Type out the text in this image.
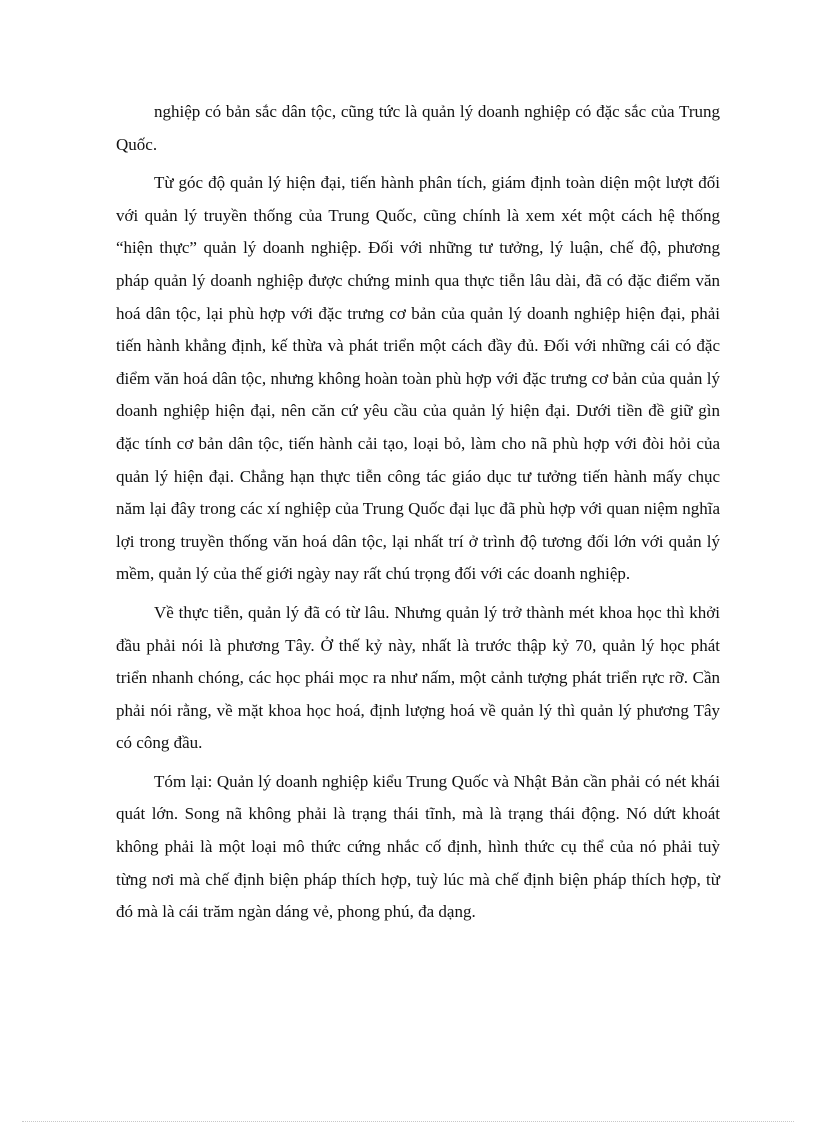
nghiệp có bản sắc dân tộc, cũng tức là quản lý doanh nghiệp có đặc sắc của Trung Quốc.

Từ góc độ quản lý hiện đại, tiến hành phân tích, giám định toàn diện một lượt đối với quản lý truyền thống của Trung Quốc, cũng chính là xem xét một cách hệ thống “hiện thực” quản lý doanh nghiệp. Đối với những tư tưởng, lý luận, chế độ, phương pháp quản lý doanh nghiệp được chứng minh qua thực tiễn lâu dài, đã có đặc điểm văn hoá dân tộc, lại phù hợp với đặc trưng cơ bản của quản lý doanh nghiệp hiện đại, phải tiến hành khẳng định, kế thừa và phát triển một cách đầy đủ. Đối với những cái có đặc điểm văn hoá dân tộc, nhưng không hoàn toàn phù hợp với đặc trưng cơ bản của quản lý doanh nghiệp hiện đại, nên căn cứ yêu cầu của quản lý hiện đại. Dưới tiền đề giữ gìn đặc tính cơ bản dân tộc, tiến hành cải tạo, loại bỏ, làm cho nã phù hợp với đòi hỏi của quản lý hiện đại. Chẳng hạn thực tiễn công tác giáo dục tư tưởng tiến hành mấy chục năm lại đây trong các xí nghiệp của Trung Quốc đại lục đã phù hợp với quan niệm nghĩa lợi trong truyền thống văn hoá dân tộc, lại nhất trí ở trình độ tương đối lớn với quản lý mềm, quản lý của thế giới ngày nay rất chú trọng đối với các doanh nghiệp.

Về thực tiễn, quản lý đã có từ lâu. Nhưng quản lý trở thành mét khoa học thì khởi đầu phải nói là phương Tây. Ở thế kỷ này, nhất là trước thập kỷ 70, quản lý học phát triển nhanh chóng, các học phái mọc ra như nấm, một cảnh tượng phát triển rực rỡ. Cần phải nói rằng, về mặt khoa học hoá, định lượng hoá về quản lý thì quản lý phương Tây có công đầu.

Tóm lại: Quản lý doanh nghiệp kiểu Trung Quốc và Nhật Bản cần phải có nét khái quát lớn. Song nã không phải là trạng thái tĩnh, mà là trạng thái động. Nó dứt khoát không phải là một loại mô thức cứng nhắc cố định, hình thức cụ thể của nó phải tuỳ từng nơi mà chế định biện pháp thích hợp, tuỳ lúc mà chế định biện pháp thích hợp, từ đó mà là cái trăm ngàn dáng vẻ, phong phú, đa dạng.
